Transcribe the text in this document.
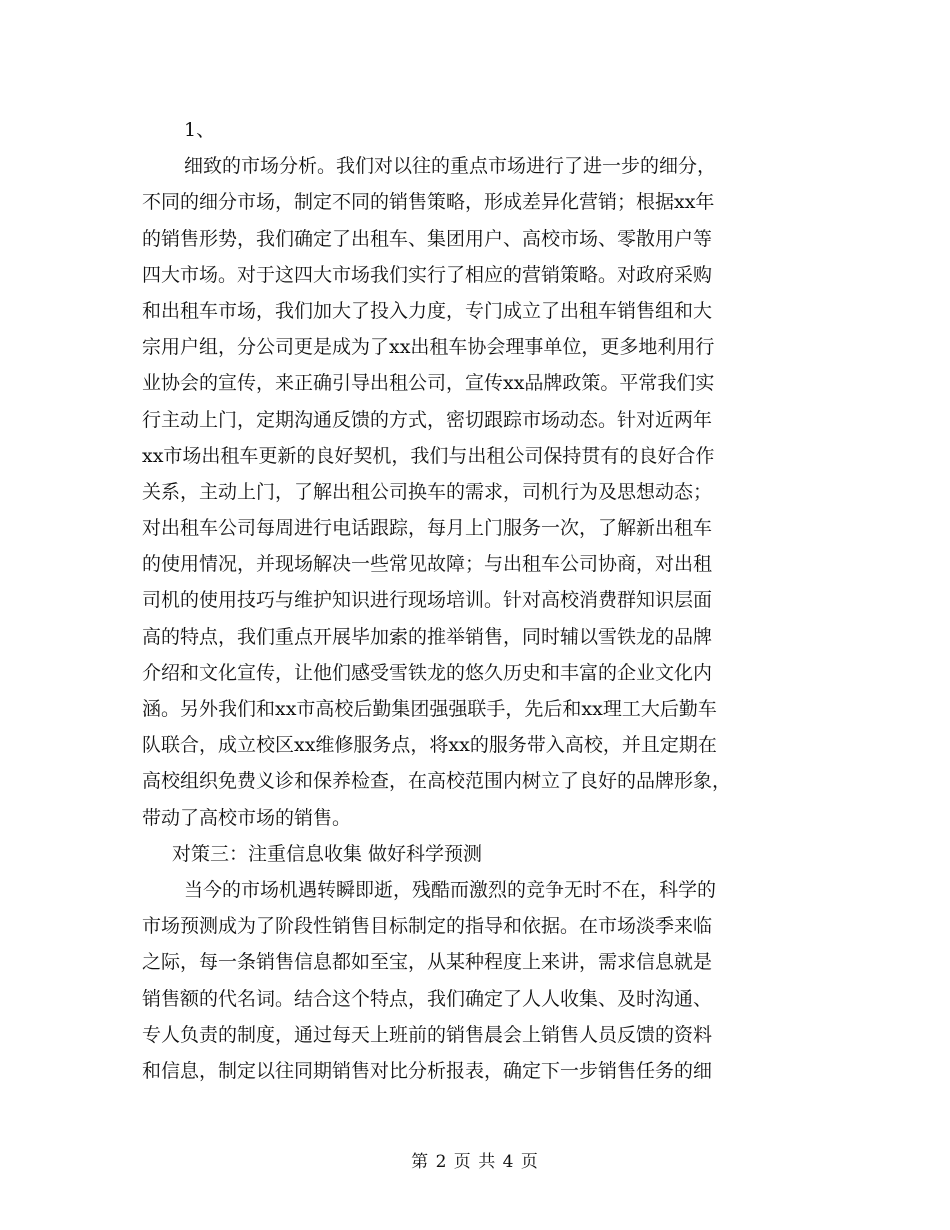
1、
细致的市场分析。我们对以往的重点市场进行了进一步的细分，
不同的细分市场，制定不同的销售策略，形成差异化营销；根据xx年
的销售形势，我们确定了出租车、集团用户、高校市场、零散用户等
四大市场。对于这四大市场我们实行了相应的营销策略。对政府采购
和出租车市场，我们加大了投入力度，专门成立了出租车销售组和大
宗用户组，分公司更是成为了xx出租车协会理事单位，更多地利用行
业协会的宣传，来正确引导出租公司，宣传xx品牌政策。平常我们实
行主动上门，定期沟通反馈的方式，密切跟踪市场动态。针对近两年
xx市场出租车更新的良好契机，我们与出租公司保持贯有的良好合作
关系，主动上门，了解出租公司换车的需求，司机行为及思想动态；
对出租车公司每周进行电话跟踪，每月上门服务一次，了解新出租车
的使用情况，并现场解决一些常见故障；与出租车公司协商，对出租
司机的使用技巧与维护知识进行现场培训。针对高校消费群知识层面
高的特点，我们重点开展毕加索的推举销售，同时辅以雪铁龙的品牌
介绍和文化宣传，让他们感受雪铁龙的悠久历史和丰富的企业文化内
涵。另外我们和xx市高校后勤集团强强联手，先后和xx理工大后勤车
队联合，成立校区xx维修服务点，将xx的服务带入高校，并且定期在
高校组织免费义诊和保养检查，在高校范围内树立了良好的品牌形象，
带动了高校市场的销售。
对策三：注重信息收集 做好科学预测
当今的市场机遇转瞬即逝，残酷而激烈的竞争无时不在，科学的
市场预测成为了阶段性销售目标制定的指导和依据。在市场淡季来临
之际，每一条销售信息都如至宝，从某种程度上来讲，需求信息就是
销售额的代名词。结合这个特点，我们确定了人人收集、及时沟通、
专人负责的制度，通过每天上班前的销售晨会上销售人员反馈的资料
和信息，制定以往同期销售对比分析报表，确定下一步销售任务的细
第 2 页 共 4 页
